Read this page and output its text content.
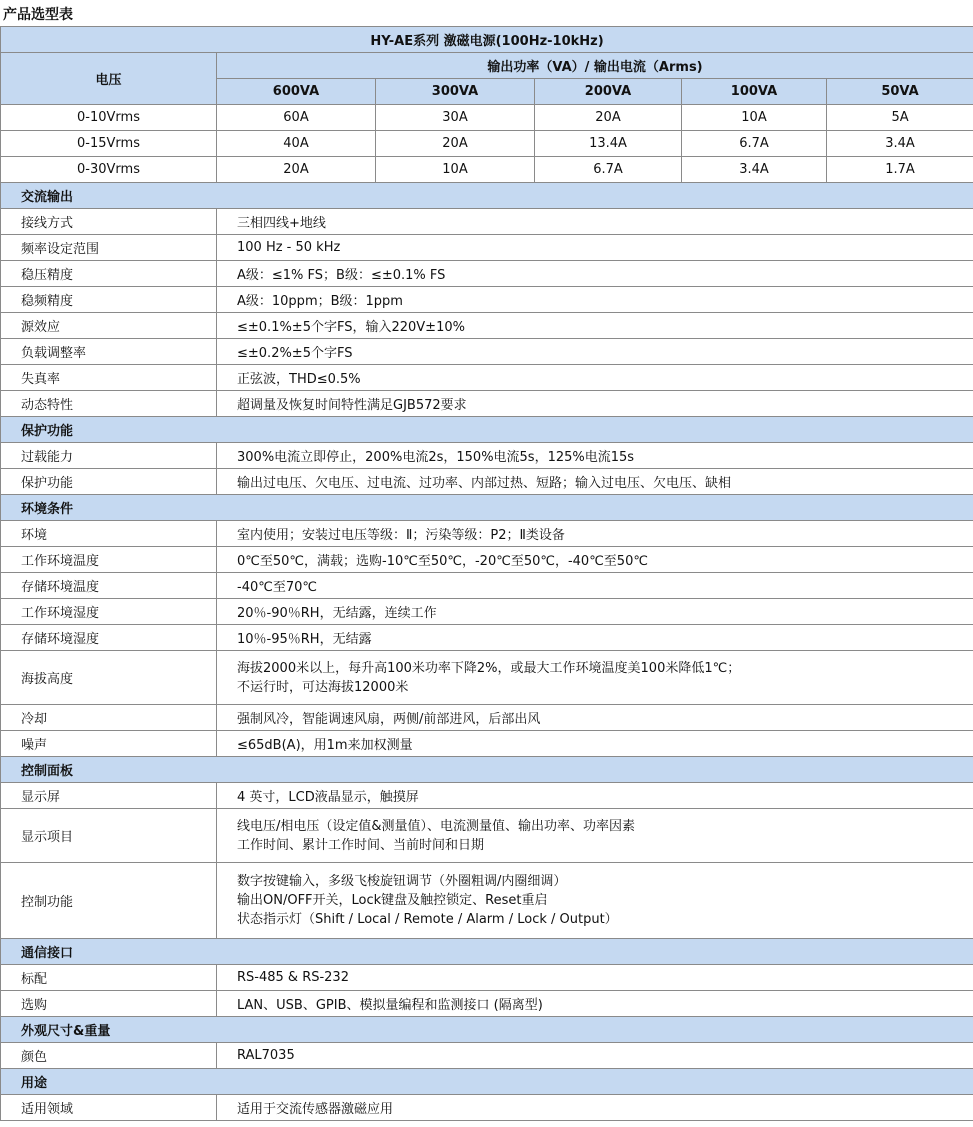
产品选型表
HY-AE系列 激磁电源(100Hz-10kHz)					
电压	输出功率（VA）/ 输出电流（Arms)				
	600VA	300VA	200VA	100VA	50VA
0-10Vrms	60A	30A	20A	10A	5A
0-15Vrms	40A	20A	13.4A	6.7A	3.4A
0-30Vrms	20A	10A	6.7A	3.4A	1.7A
交流输出					
接线方式	三相四线+地线				

频率设定范围	100 Hz - 50 kHz				

稳压精度	A级：≤1% FS；B级：≤±0.1% FS				

稳频精度	A级：10ppm；B级：1ppm				

源效应	≤±0.1%±5个字FS，输入220V±10%				

负载调整率	≤±0.2%±5个字FS				

失真率	正弦波，THD≤0.5%				

动态特性	超调量及恢复时间特性满足GJB572要求				

保护功能					
过载能力	300%电流立即停止，200%电流2s，150%电流5s，125%电流15s				

保护功能	输出过电压、欠电压、过电流、过功率、内部过热、短路；输入过电压、欠电压、缺相				

环境条件					
环境	室内使用；安装过电压等级：Ⅱ；污染等级：P2；Ⅱ类设备				

工作环境温度	0℃至50℃，满载；选购-10℃至50℃，-20℃至50℃，-40℃至50℃				

存储环境温度	-40℃至70℃				

工作环境湿度	20％-90％RH，无结露，连续工作				

存储环境湿度	10％-95％RH，无结露				

海拔高度	海拔2000米以上，每升高100米功率下降2%，或最大工作环境温度美100米降低1℃；
不运行时，可达海拔12000米				

冷却	强制风冷，智能调速风扇，两侧/前部进风，后部出风				

噪声	≤65dB(A)，用1m来加权测量				

控制面板					
显示屏	4 英寸，LCD液晶显示，触摸屏				

显示项目	线电压/相电压（设定值&测量值）、电流测量值、输出功率、功率因素
工作时间、累计工作时间、当前时间和日期				

控制功能	数字按键输入，多级飞梭旋钮调节（外圈粗调/内圈细调）
输出ON/OFF开关，Lock键盘及触控锁定、Reset重启
状态指示灯（Shift / Local / Remote / Alarm / Lock / Output）				

通信接口					
标配	RS-485 & RS-232				

选购	LAN、USB、GPIB、模拟量编程和监测接口 (隔离型)				

外观尺寸&重量					
颜色	RAL7035				

用途					
适用领域	适用于交流传感器激磁应用				
